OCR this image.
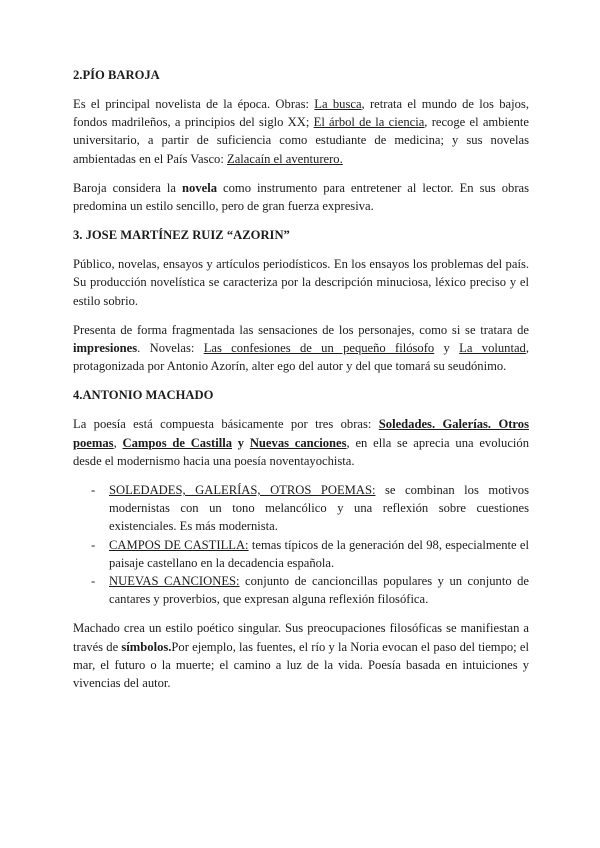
2.PÍO BAROJA

Es el principal novelista de la época. Obras: La busca, retrata el mundo de los bajos, fondos madrileños, a principios del siglo XX; El árbol de la ciencia, recoge el ambiente universitario, a partir de suficiencia como estudiante de medicina; y sus novelas ambientadas en el País Vasco: Zalacaín el aventurero.

Baroja considera la novela como instrumento para entretener al lector. En sus obras predomina un estilo sencillo, pero de gran fuerza expresiva.

3. JOSE MARTÍNEZ RUIZ “AZORIN”

Público, novelas, ensayos y artículos periodísticos. En los ensayos los problemas del país. Su producción novelística se caracteriza por la descripción minuciosa, léxico preciso y el estilo sobrio.

Presenta de forma fragmentada las sensaciones de los personajes, como si se tratara de impresiones. Novelas: Las confesiones de un pequeño filósofo y La voluntad, protagonizada por Antonio Azorín, alter ego del autor y del que tomará su seudónimo.

4.ANTONIO MACHADO

La poesía está compuesta básicamente por tres obras: Soledades. Galerías. Otros poemas, Campos de Castilla y Nuevas canciones, en ella se aprecia una evolución desde el modernismo hacia una poesía noventayochista.

- SOLEDADES, GALERÍAS, OTROS POEMAS: se combinan los motivos modernistas con un tono melancólico y una reflexión sobre cuestiones existenciales. Es más modernista.
- CAMPOS DE CASTILLA: temas típicos de la generación del 98, especialmente el paisaje castellano en la decadencia española.
- NUEVAS CANCIONES: conjunto de cancioncillas populares y un conjunto de cantares y proverbios, que expresan alguna reflexión filosófica.

Machado crea un estilo poético singular. Sus preocupaciones filosóficas se manifiestan a través de símbolos.Por ejemplo, las fuentes, el río y la Noria evocan el paso del tiempo; el mar, el futuro o la muerte; el camino a luz de la vida. Poesía basada en intuiciones y vivencias del autor.
